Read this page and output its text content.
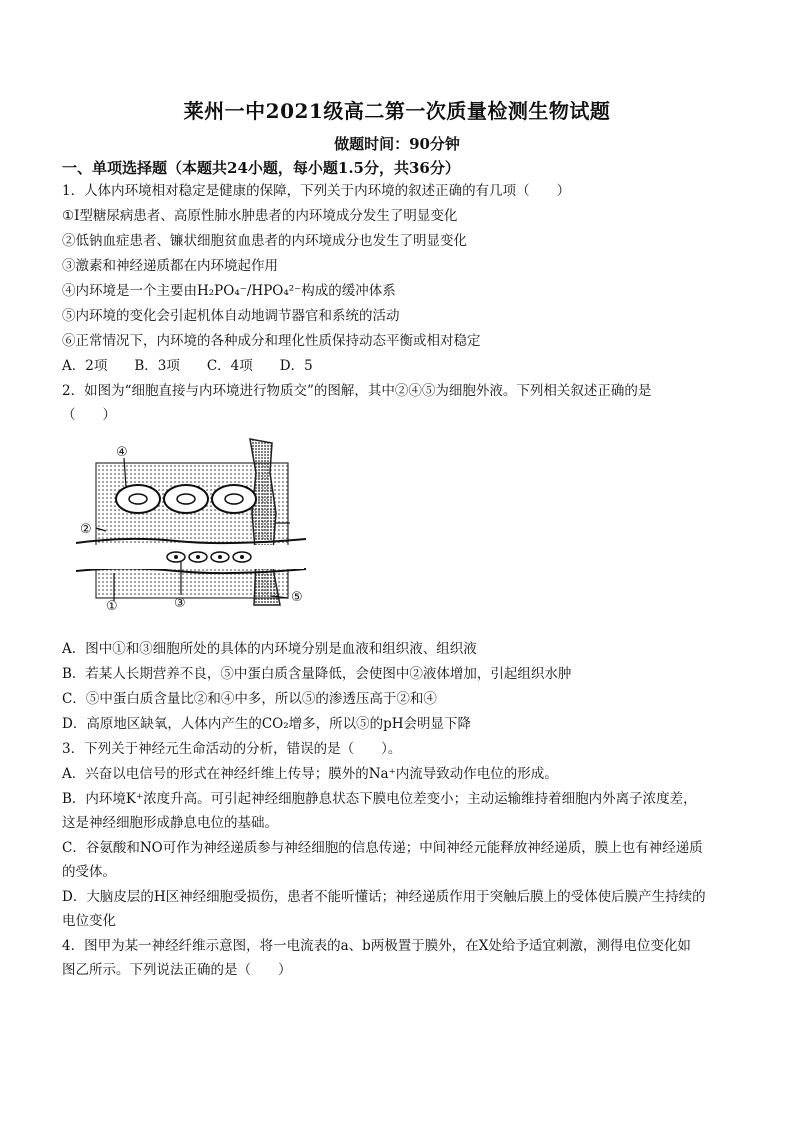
莱州一中2021级高二第一次质量检测生物试题
做题时间：90分钟
一、单项选择题（本题共24小题，每小题1.5分，共36分）
1．人体内环境相对稳定是健康的保障，下列关于内环境的叙述正确的有几项（　　）
①Ⅰ型糖尿病患者、高原性肺水肿患者的内环境成分发生了明显变化
②低钠血症患者、镰状细胞贫血患者的内环境成分也发生了明显变化
③激素和神经递质都在内环境起作用
④内环境是一个主要由H₂PO₄⁻/HPO₄²⁻构成的缓冲体系
⑤内环境的变化会引起机体自动地调节器官和系统的活动
⑥正常情况下，内环境的各种成分和理化性质保持动态平衡或相对稳定
A．2项　　B．3项　　C．4项　　D．5
2．如图为“细胞直接与内环境进行物质交”的图解，其中②④⑤为细胞外液。下列相关叙述正确的是
（　　）
④
②
③	⑤
①
A．图中①和③细胞所处的具体的内环境分别是血液和组织液、组织液
B．若某人长期营养不良，⑤中蛋白质含量降低，会使图中②液体增加，引起组织水肿
C．⑤中蛋白质含量比②和④中多，所以⑤的渗透压高于②和④
D．高原地区缺氧，人体内产生的CO₂增多，所以⑤的pH会明显下降
3．下列关于神经元生命活动的分析，错误的是（　　）。
A．兴奋以电信号的形式在神经纤维上传导；膜外的Na⁺内流导致动作电位的形成。
B．内环境K⁺浓度升高。可引起神经细胞静息状态下膜电位差变小；主动运输维持着细胞内外离子浓度差，
这是神经细胞形成静息电位的基础。
C．谷氨酸和NO可作为神经递质参与神经细胞的信息传递；中间神经元能释放神经递质，膜上也有神经递质
的受体。
D．大脑皮层的H区神经细胞受损伤，患者不能听懂话；神经递质作用于突触后膜上的受体使后膜产生持续的
电位变化
4．图甲为某一神经纤维示意图，将一电流表的a、b两极置于膜外，在X处给予适宜刺激，测得电位变化如
图乙所示。下列说法正确的是（　　）
